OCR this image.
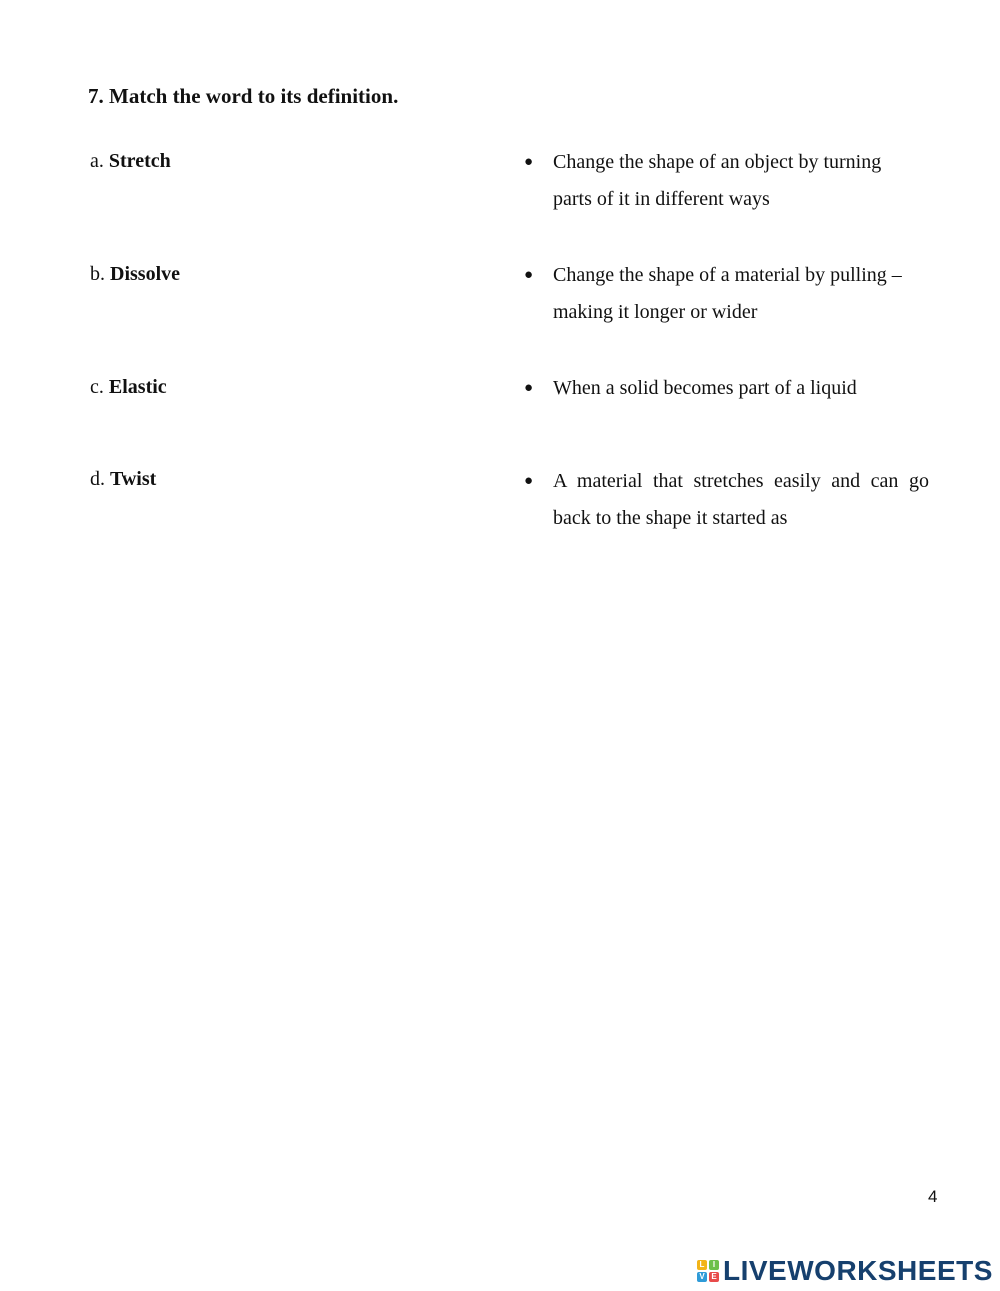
7. Match the word to its definition.
a. Stretch
b. Dissolve
c. Elastic
d. Twist
● Change the shape of an object by turning parts of it in different ways
● Change the shape of a material by pulling – making it longer or wider
● When a solid becomes part of a liquid
● A material that stretches easily and can go back to the shape it started as
4
L	I
V E LIVEWORKSHEETS
